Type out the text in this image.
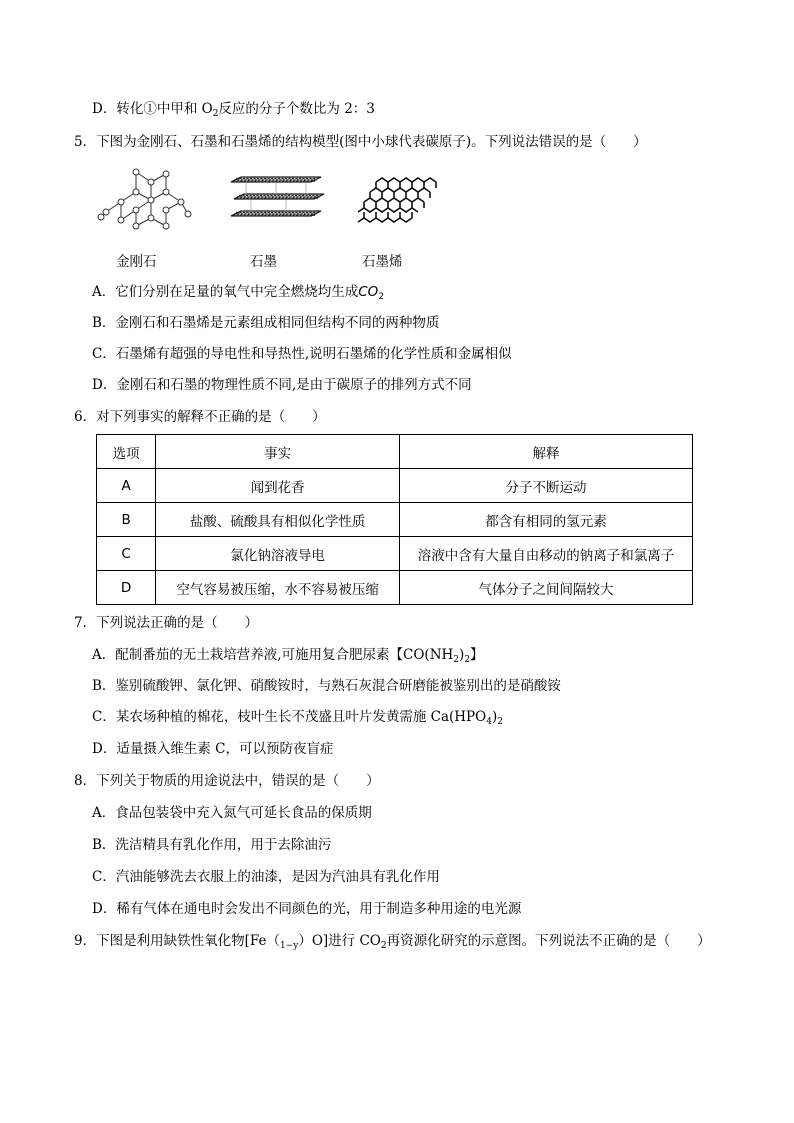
D．转化①中甲和 $O_2$反应的分子个数比为 2：3
5．下图为金刚石、石墨和石墨烯的结构模型(图中小球代表碳原子)。下列说法错误的是（　　）
金刚石	石墨	石墨烯
A．它们分别在足量的氧气中完全燃烧均生成$CO_2$
B．金刚石和石墨烯是元素组成相同但结构不同的两种物质
C．石墨烯有超强的导电性和导热性,说明石墨烯的化学性质和金属相似
D．金刚石和石墨的物理性质不同,是由于碳原子的排列方式不同
6．对下列事实的解释不正确的是（　　）
选项	事实	解释
A	闻到花香	分子不断运动
B	盐酸、硫酸具有相似化学性质	都含有相同的氢元素
C	氯化钠溶液导电	溶液中含有大量自由移动的钠离子和氯离子
D	空气容易被压缩，水不容易被压缩	气体分子之间间隔较大
7．下列说法正确的是（　　）
A．配制番茄的无土栽培营养液,可施用复合肥尿素【$CO(NH_2)_2$】
B．鉴别硫酸钾、氯化钾、硝酸铵时，与熟石灰混合研磨能被鉴别出的是硝酸铵
C．某农场种植的棉花，枝叶生长不茂盛且叶片发黄需施 $Ca(HPO_4)_2$
D．适量摄入维生素 C，可以预防夜盲症
8．下列关于物质的用途说法中，错误的是（　　）
A．食品包装袋中充入氮气可延长食品的保质期
B．洗洁精具有乳化作用，用于去除油污
C．汽油能够洗去衣服上的油漆，是因为汽油具有乳化作用
D．稀有气体在通电时会发出不同颜色的光，用于制造多种用途的电光源
9．下图是利用缺铁性氧化物$[Fe(_{1-y})O]$进行 $CO_2$再资源化研究的示意图。下列说法不正确的是（　　）
